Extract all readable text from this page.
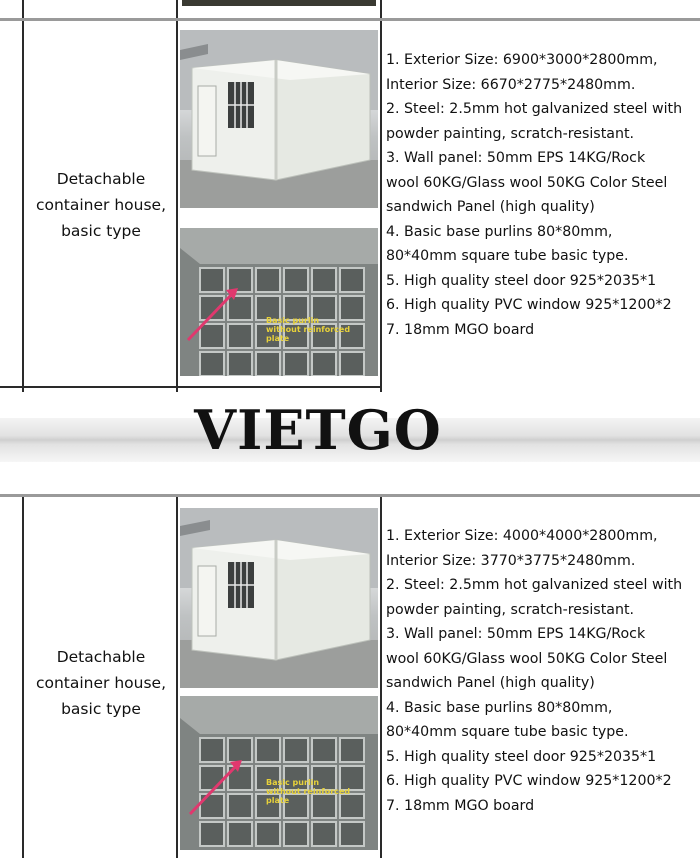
Detachable
container house,
basic type
Basic purlin
without reinforced
plate
1. Exterior Size: 6900*3000*2800mm,
Interior Size: 6670*2775*2480mm.
2. Steel: 2.5mm hot galvanized steel with
powder painting, scratch-resistant.
3. Wall panel: 50mm EPS 14KG/Rock
wool 60KG/Glass wool 50KG Color Steel
sandwich Panel (high quality)
4. Basic base purlins 80*80mm,
80*40mm square tube basic type.
5. High quality steel door 925*2035*1
6. High quality PVC window 925*1200*2
7. 18mm MGO board
VIETGO
Detachable
container house,
basic type
Basic purlin
without reinforced
plate
1. Exterior Size: 4000*4000*2800mm,
Interior Size: 3770*3775*2480mm.
2. Steel: 2.5mm hot galvanized steel with
powder painting, scratch-resistant.
3. Wall panel: 50mm EPS 14KG/Rock
wool 60KG/Glass wool 50KG Color Steel
sandwich Panel (high quality)
4. Basic base purlins 80*80mm,
80*40mm square tube basic type.
5. High quality steel door 925*2035*1
6. High quality PVC window 925*1200*2
7. 18mm MGO board
